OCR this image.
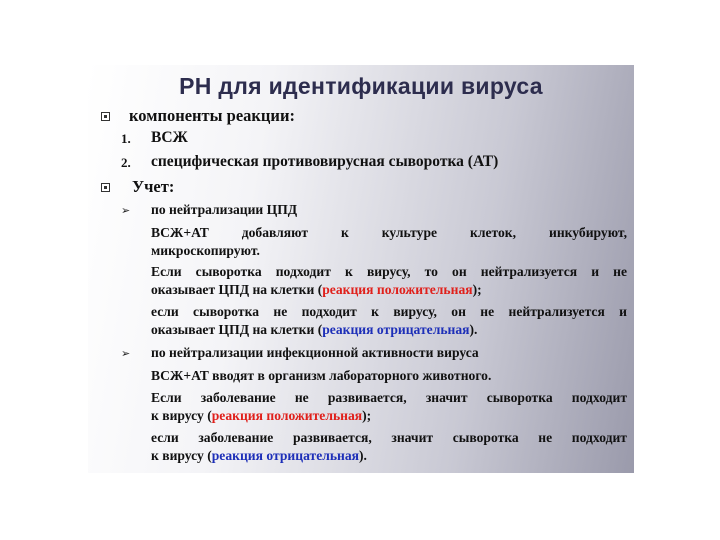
РН для идентификации вируса
компоненты реакции:
1. ВСЖ
2. специфическая противовирусная сыворотка (АТ)
Учет:
➢ по нейтрализации ЦПД
ВСЖ+АТ добавляют к культуре клеток, инкубируют,
микроскопируют.
Если сыворотка подходит к вирусу, то он нейтрализуется и не
оказывает ЦПД на клетки (реакция положительная);
если сыворотка не подходит к вирусу, он не нейтрализуется и
оказывает ЦПД на клетки (реакция отрицательная).
➢ по нейтрализации инфекционной активности вируса
ВСЖ+АТ вводят в организм лабораторного животного.
Если заболевание не развивается, значит сыворотка подходит
к вирусу (реакция положительная);
если заболевание развивается, значит сыворотка не подходит
к вирусу (реакция отрицательная).
